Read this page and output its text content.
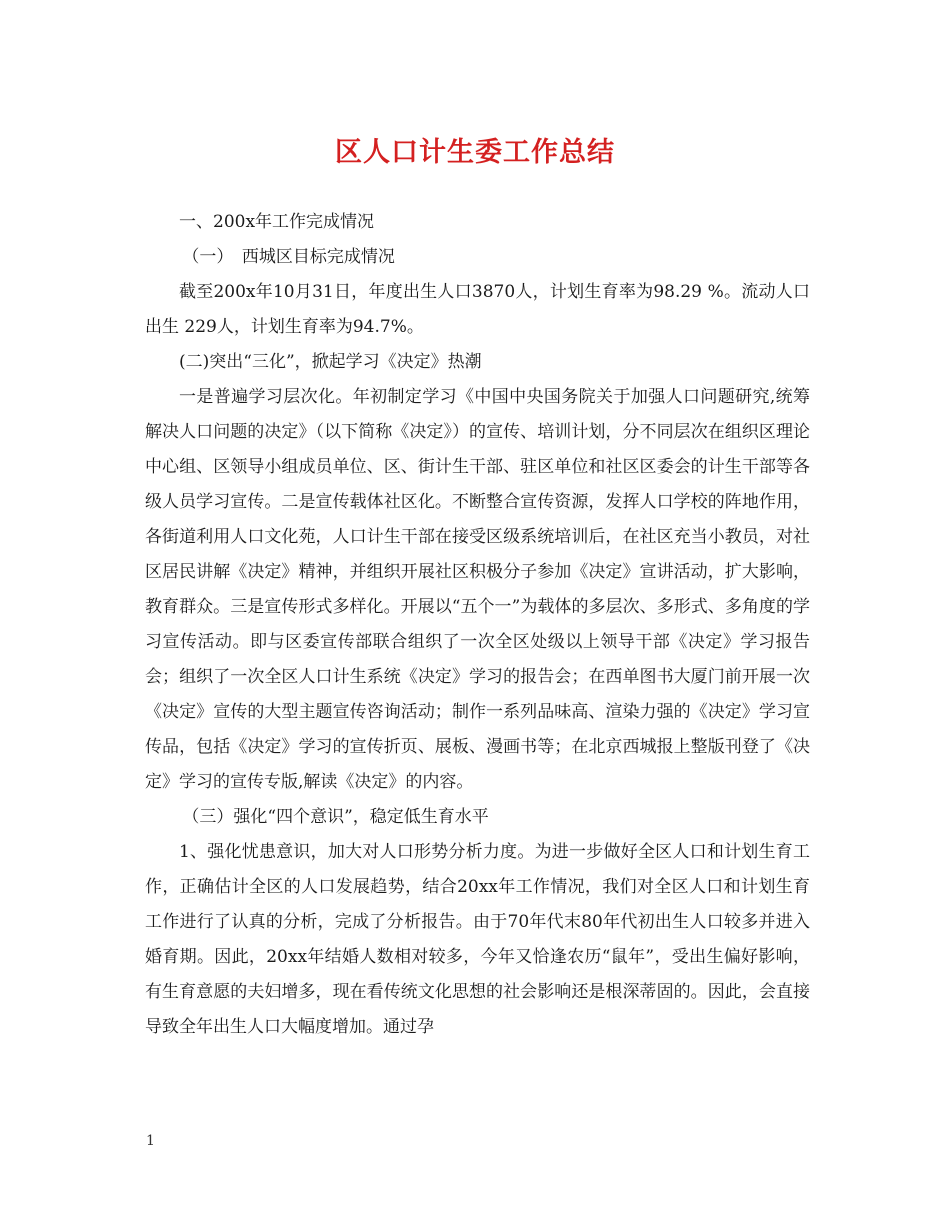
区人口计生委工作总结

一、200x年工作完成情况

（一）　西城区目标完成情况

截至200x年10月31日，年度出生人口3870人，计划生育率为98.29 %。流动人口出生 229人，计划生育率为94.7%。

(二)突出“三化”，掀起学习《决定》热潮

一是普遍学习层次化。年初制定学习《中国中央国务院关于加强人口问题研究,统筹解决人口问题的决定》（以下简称《决定》）的宣传、培训计划，分不同层次在组织区理论中心组、区领导小组成员单位、区、街计生干部、驻区单位和社区区委会的计生干部等各级人员学习宣传。二是宣传载体社区化。不断整合宣传资源，发挥人口学校的阵地作用，各街道利用人口文化苑，人口计生干部在接受区级系统培训后，在社区充当小教员，对社区居民讲解《决定》精神，并组织开展社区积极分子参加《决定》宣讲活动，扩大影响，教育群众。三是宣传形式多样化。开展以“五个一”为载体的多层次、多形式、多角度的学习宣传活动。即与区委宣传部联合组织了一次全区处级以上领导干部《决定》学习报告会；组织了一次全区人口计生系统《决定》学习的报告会；在西单图书大厦门前开展一次《决定》宣传的大型主题宣传咨询活动；制作一系列品味高、渲染力强的《决定》学习宣传品，包括《决定》学习的宣传折页、展板、漫画书等；在北京西城报上整版刊登了《决定》学习的宣传专版,解读《决定》的内容。

（三）强化“四个意识”，稳定低生育水平

1、强化忧患意识，加大对人口形势分析力度。为进一步做好全区人口和计划生育工作，正确估计全区的人口发展趋势，结合20xx年工作情况，我们对全区人口和计划生育工作进行了认真的分析，完成了分析报告。由于70年代末80年代初出生人口较多并进入婚育期。因此，20xx年结婚人数相对较多，今年又恰逢农历“鼠年”，受出生偏好影响，有生育意愿的夫妇增多，现在看传统文化思想的社会影响还是根深蒂固的。因此，会直接导致全年出生人口大幅度增加。通过孕

1
